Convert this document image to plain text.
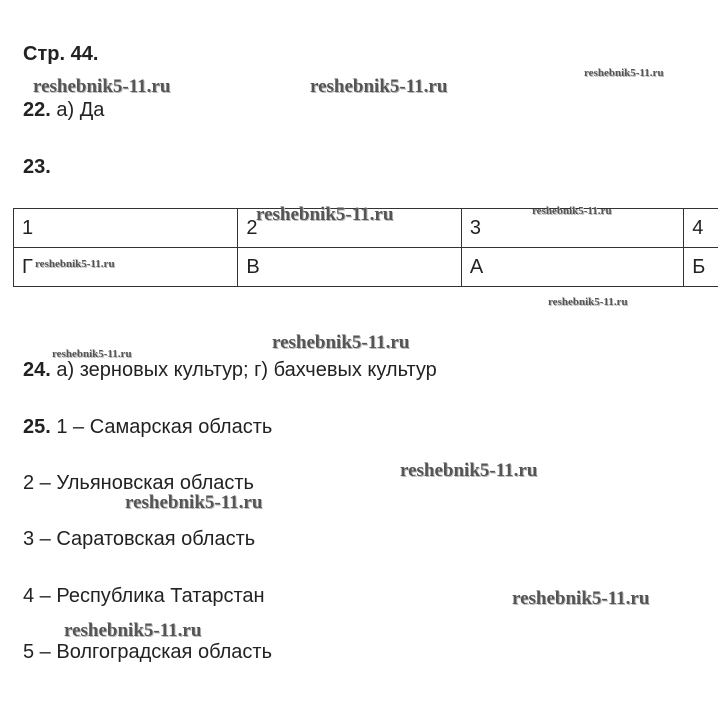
Стр. 44.
22. а) Да
23.
1	2	3	4
Г	В	А	Б
24. а) зерновых культур; г) бахчевых культур
25. 1 – Самарская область
2 – Ульяновская область
3 – Саратовская область
4 – Республика Татарстан
5 – Волгоградская область
reshebnik5-11.ru	reshebnik5-11.ru
reshebnik5-11.ru
reshebnik5-11.ru	reshebnik5-11.ru
reshebnik5-11.ru
reshebnik5-11.ru
reshebnik5-11.ru
reshebnik5-11.ru
reshebnik5-11.ru
reshebnik5-11.ru
reshebnik5-11.ru
reshebnik5-11.ru
